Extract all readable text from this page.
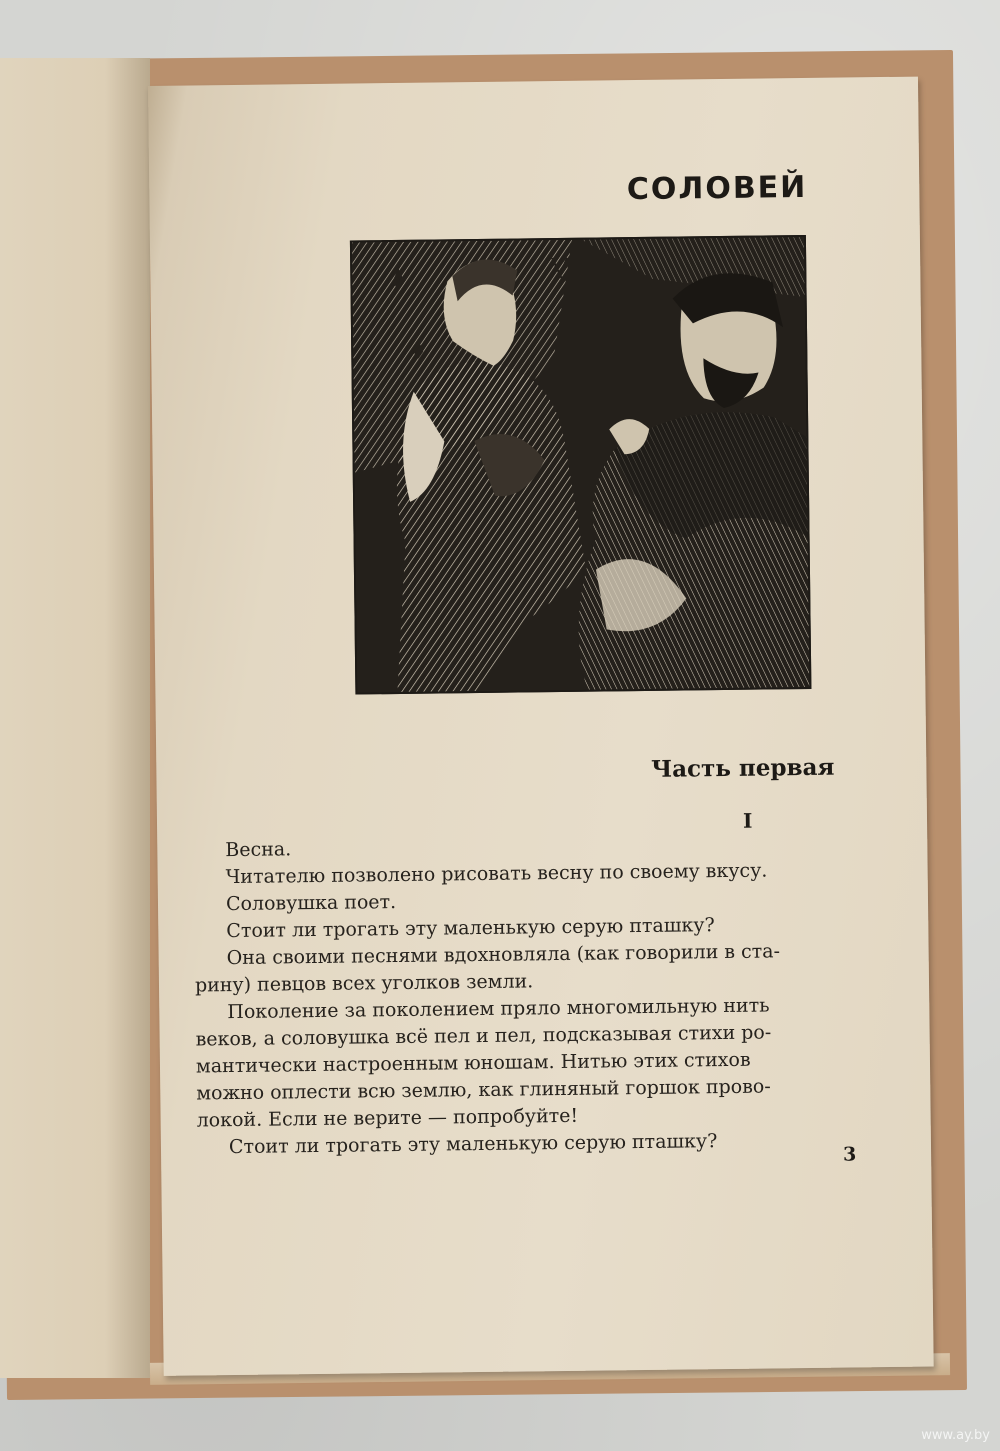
СОЛОВЕЙ
Часть первая
I
Весна.
Читателю позволено рисовать весну по своему вкусу.
Соловушка поет.
Стоит ли трогать эту маленькую серую пташку?
Она своими песнями вдохновляла (как говорили в ста-
рину) певцов всех уголков земли.
Поколение за поколением пряло многомильную нить
веков, а соловушка всё пел и пел, подсказывая стихи ро-
мантически настроенным юношам. Нитью этих стихов
можно оплести всю землю, как глиняный горшок прово-
локой. Если не верите — попробуйте!
Стоит ли трогать эту маленькую серую пташку?	3
www.ay.by
